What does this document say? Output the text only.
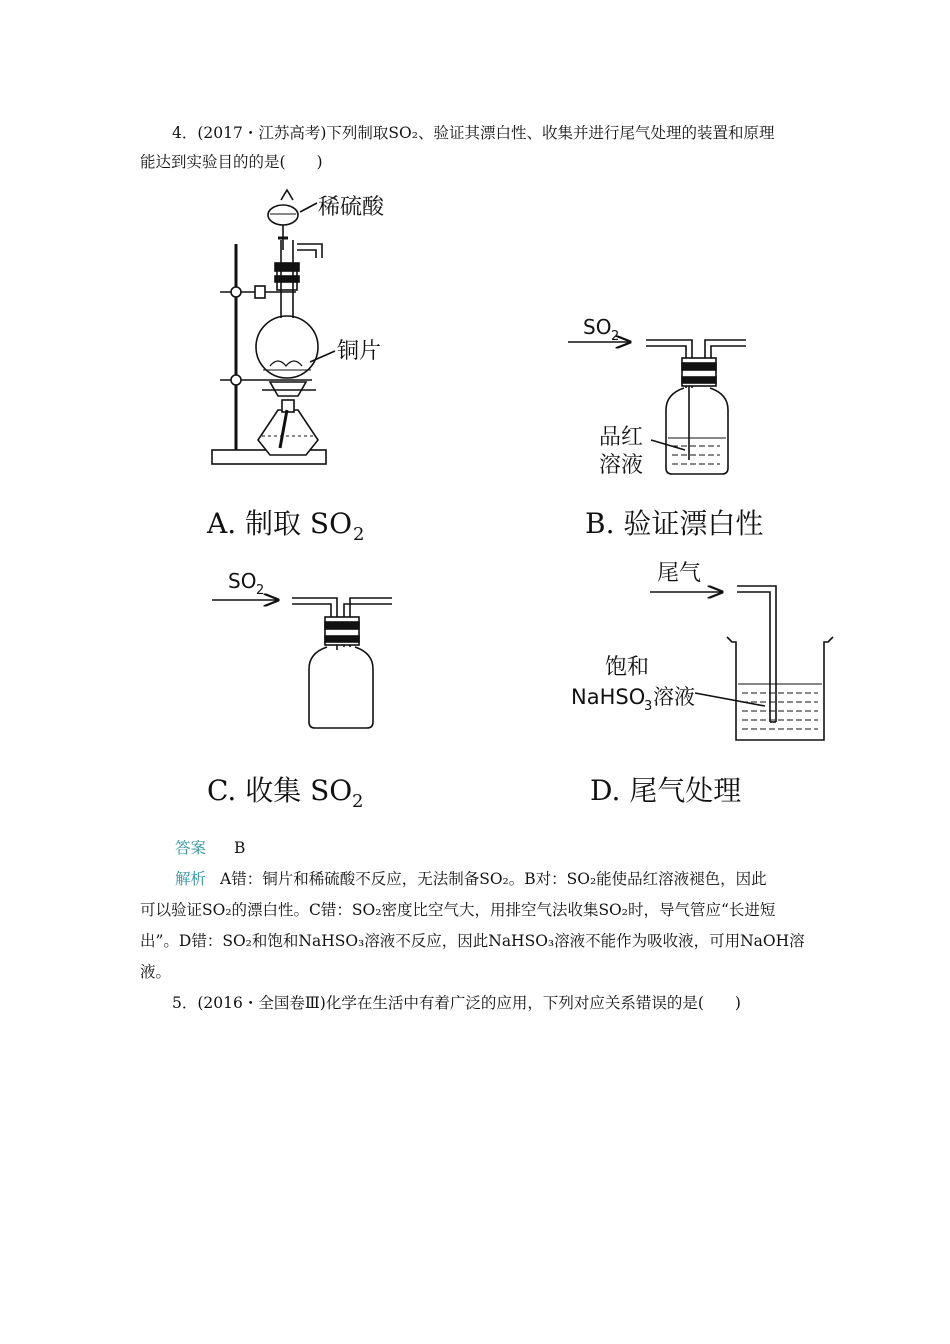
4．(2017・江苏高考)下列制取SO₂、验证其漂白性、收集并进行尾气处理的装置和原理
能达到实验目的的是(　　)
稀硫酸
铜片
A. 制取 SO 2
SO 2
品红
溶液
B. 验证漂白性
SO 2
C. 收集 SO 2
尾气
饱和
NaHSO
3 溶液
D. 尾气处理
答案 B
解析 A错：铜片和稀硫酸不反应，无法制备SO₂。B对：SO₂能使品红溶液褪色，因此
可以验证SO₂的漂白性。C错：SO₂密度比空气大，用排空气法收集SO₂时，导气管应“长进短
出”。D错：SO₂和饱和NaHSO₃溶液不反应，因此NaHSO₃溶液不能作为吸收液，可用NaOH溶
液。
5．(2016・全国卷Ⅲ)化学在生活中有着广泛的应用，下列对应关系错误的是(　　)
